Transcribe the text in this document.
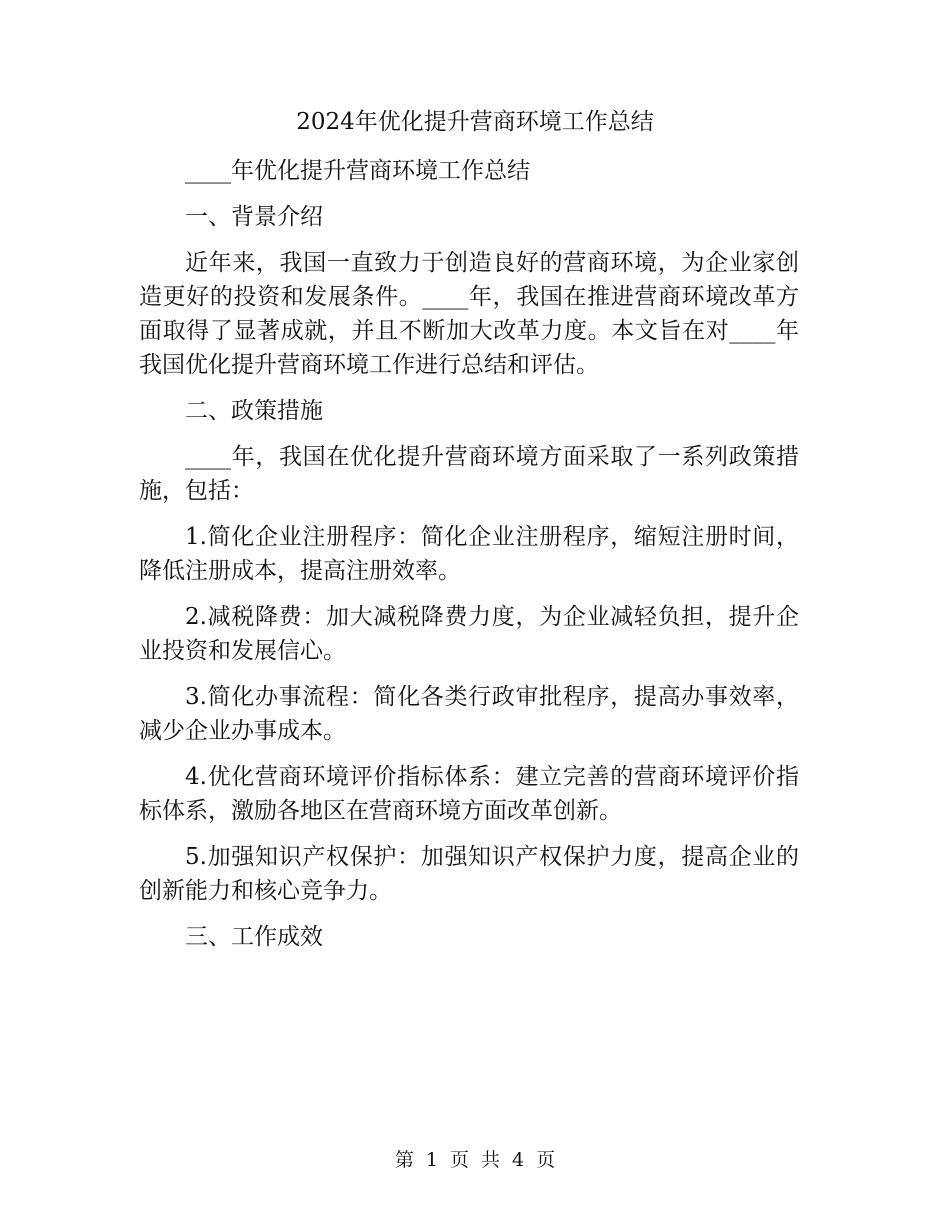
2024年优化提升营商环境工作总结

____年优化提升营商环境工作总结

一、背景介绍

近年来，我国一直致力于创造良好的营商环境，为企业家创造更好的投资和发展条件。____年，我国在推进营商环境改革方面取得了显著成就，并且不断加大改革力度。本文旨在对____年我国优化提升营商环境工作进行总结和评估。

二、政策措施

____年，我国在优化提升营商环境方面采取了一系列政策措施，包括：

1.简化企业注册程序：简化企业注册程序，缩短注册时间，降低注册成本，提高注册效率。

2.减税降费：加大减税降费力度，为企业减轻负担，提升企业投资和发展信心。

3.简化办事流程：简化各类行政审批程序，提高办事效率，减少企业办事成本。

4.优化营商环境评价指标体系：建立完善的营商环境评价指标体系，激励各地区在营商环境方面改革创新。

5.加强知识产权保护：加强知识产权保护力度，提高企业的创新能力和核心竞争力。

三、工作成效

第 1 页 共 4 页
